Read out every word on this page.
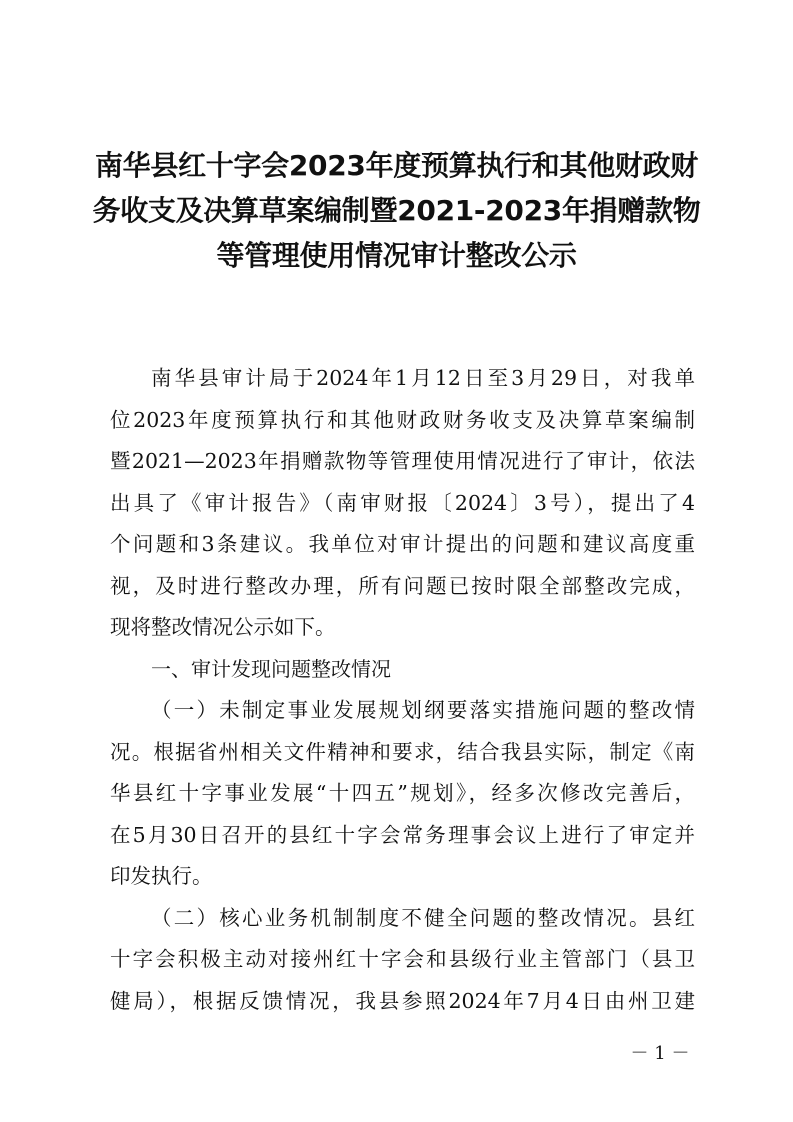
南华县红十字会2023年度预算执行和其他财政财
务收支及决算草案编制暨2021-2023年捐赠款物
等管理使用情况审计整改公示

南华县审计局于2024年1月12日至3月29日，对我单

位2023年度预算执行和其他财政财务收支及决算草案编制

暨2021—2023年捐赠款物等管理使用情况进行了审计，依法

出具了《审计报告》（南审财报〔2024〕3号），提出了4

个问题和3条建议。我单位对审计提出的问题和建议高度重

视，及时进行整改办理，所有问题已按时限全部整改完成，

现将整改情况公示如下。

一、审计发现问题整改情况

（一）未制定事业发展规划纲要落实措施问题的整改情

况。根据省州相关文件精神和要求，结合我县实际，制定《南

华县红十字事业发展“十四五”规划》，经多次修改完善后，

在5月30日召开的县红十字会常务理事会议上进行了审定并

印发执行。

（二）核心业务机制制度不健全问题的整改情况。县红

十字会积极主动对接州红十字会和县级行业主管部门（县卫

健局），根据反馈情况，我县参照2024年7月4日由州卫建

－ 1 －
